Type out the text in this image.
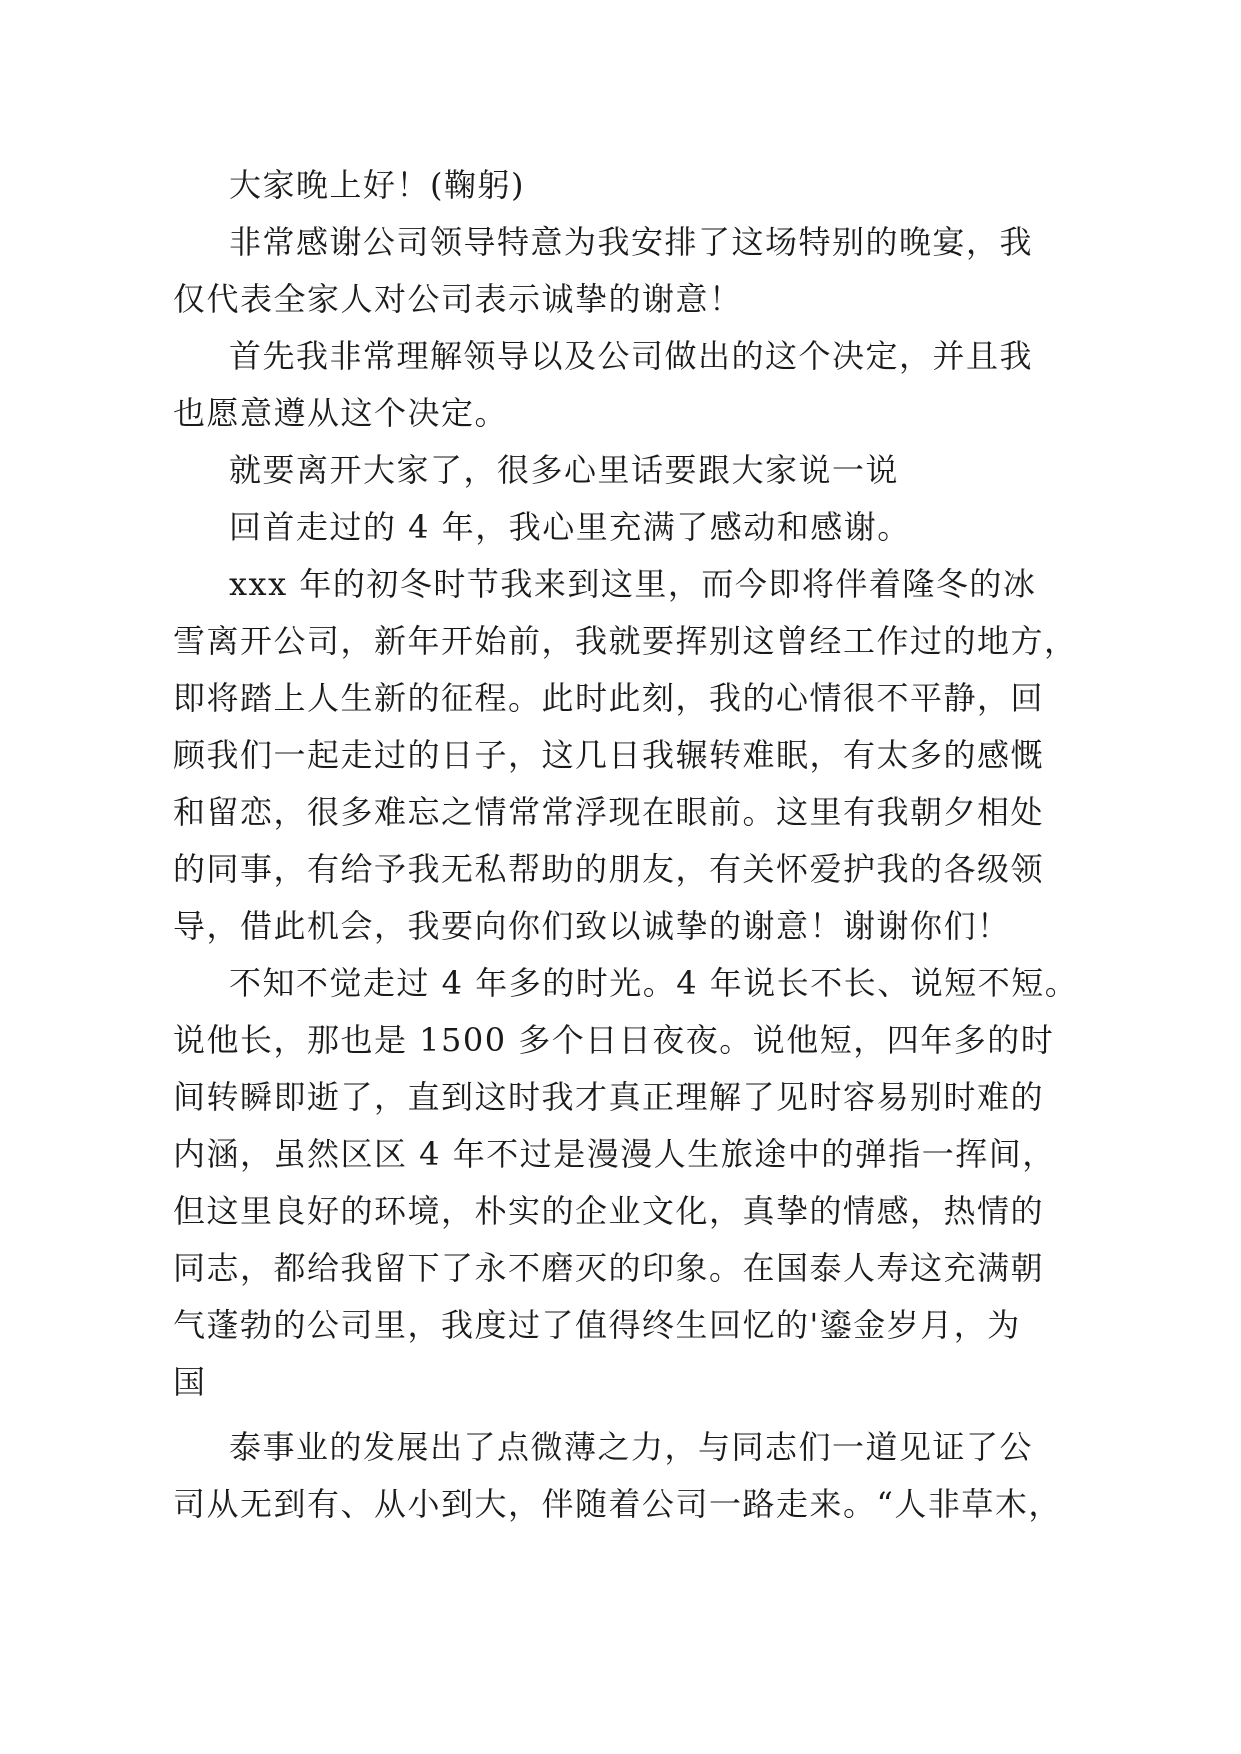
大家晚上好！(鞠躬)
非常感谢公司领导特意为我安排了这场特别的晚宴，我
仅代表全家人对公司表示诚挚的谢意！
首先我非常理解领导以及公司做出的这个决定，并且我
也愿意遵从这个决定。
就要离开大家了，很多心里话要跟大家说一说
回首走过的 4 年，我心里充满了感动和感谢。
xxx 年的初冬时节我来到这里，而今即将伴着隆冬的冰
雪离开公司，新年开始前，我就要挥别这曾经工作过的地方，
即将踏上人生新的征程。此时此刻，我的心情很不平静，回
顾我们一起走过的日子，这几日我辗转难眠，有太多的感慨
和留恋，很多难忘之情常常浮现在眼前。这里有我朝夕相处
的同事，有给予我无私帮助的朋友，有关怀爱护我的各级领
导，借此机会，我要向你们致以诚挚的谢意！谢谢你们！
不知不觉走过 4 年多的时光。4 年说长不长、说短不短。
说他长，那也是 1500 多个日日夜夜。说他短，四年多的时
间转瞬即逝了，直到这时我才真正理解了见时容易别时难的
内涵，虽然区区 4 年不过是漫漫人生旅途中的弹指一挥间，
但这里良好的环境，朴实的企业文化，真挚的情感，热情的
同志，都给我留下了永不磨灭的印象。在国泰人寿这充满朝
气蓬勃的公司里，我度过了值得终生回忆的'鎏金岁月，为
国
泰事业的发展出了点微薄之力，与同志们一道见证了公
司从无到有、从小到大，伴随着公司一路走来。“人非草木，
